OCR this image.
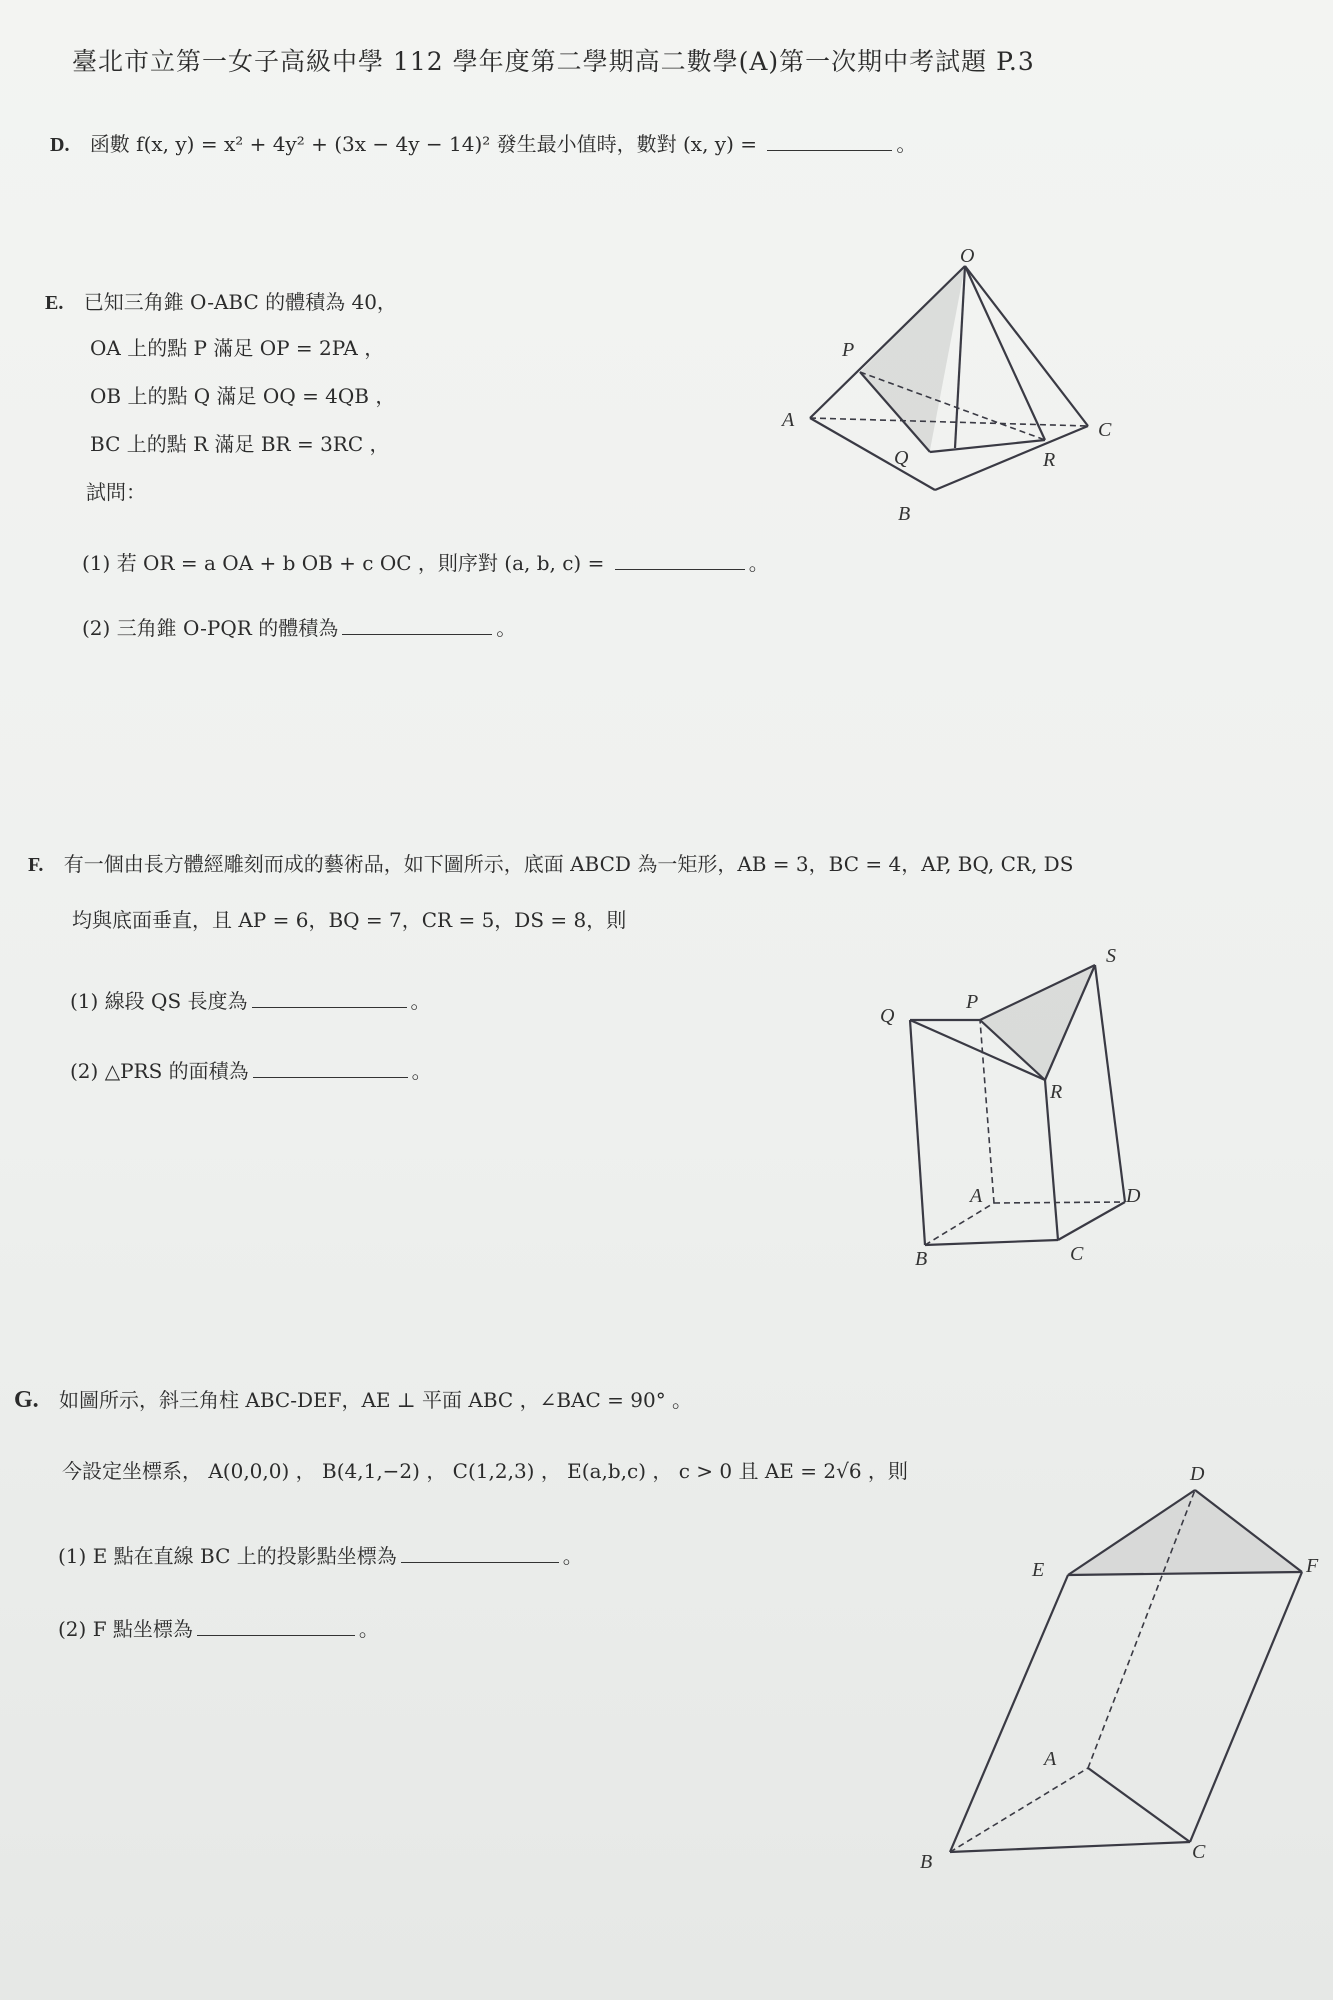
臺北市立第一女子高級中學 112 學年度第二學期高二數學(A)第一次期中考試題 P.3
D. 函數 f(x, y) = x² + 4y² + (3x − 4y − 14)² 發生最小值時，數對 (x, y) =	。
E. 已知三角錐 O-ABC 的體積為 40，
OA 上的點 P 滿足 OP = 2PA ，
OB 上的點 Q 滿足 OQ = 4QB ，
BC 上的點 R 滿足 BR = 3RC ，
試問：
(1) 若 OR = a OA + b OB + c OC ，則序對 (a, b, c) =	。
(2) 三角錐 O-PQR 的體積為	。
O
P
A
Q
B
R
C
F. 有一個由長方體經雕刻而成的藝術品，如下圖所示，底面 ABCD 為一矩形，AB = 3，BC = 4，AP, BQ, CR, DS
均與底面垂直，且 AP = 6，BQ = 7，CR = 5，DS = 8，則
(1) 線段 QS 長度為	。
(2) △PRS 的面積為	。
S
Q
P
R
A	D
B	C
G. 如圖所示，斜三角柱 ABC-DEF，AE ⊥ 平面 ABC ，∠BAC = 90° 。
今設定坐標系， A(0,0,0) ， B(4,1,−2) ， C(1,2,3) ， E(a,b,c) ， c > 0 且 AE = 2√6 ，則
(1) E 點在直線 BC 上的投影點坐標為	。
(2) F 點坐標為	。
D
E	F
A
B	C
